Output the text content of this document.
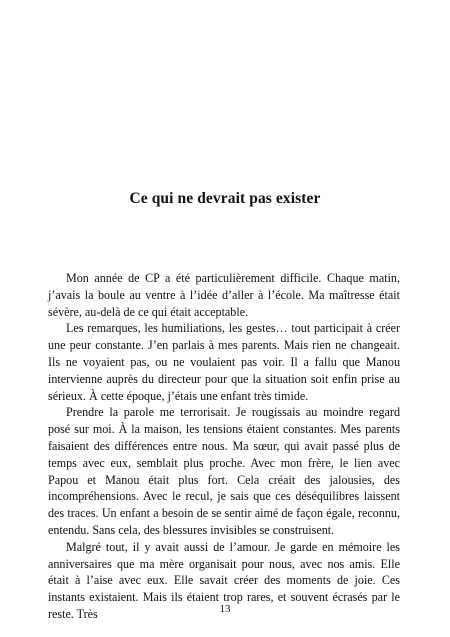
Ce qui ne devrait pas exister

Mon année de CP a été particulièrement difficile. Chaque matin, j’avais la boule au ventre à l’idée d’aller à l’école. Ma maîtresse était sévère, au-delà de ce qui était acceptable.

Les remarques, les humiliations, les gestes… tout participait à créer une peur constante. J’en parlais à mes parents. Mais rien ne changeait. Ils ne voyaient pas, ou ne voulaient pas voir. Il a fallu que Manou intervienne auprès du directeur pour que la situation soit enfin prise au sérieux. À cette époque, j’étais une enfant très timide.

Prendre la parole me terrorisait. Je rougissais au moindre regard posé sur moi. À la maison, les tensions étaient constantes. Mes parents faisaient des différences entre nous. Ma sœur, qui avait passé plus de temps avec eux, semblait plus proche. Avec mon frère, le lien avec Papou et Manou était plus fort. Cela créait des jalousies, des incompréhensions. Avec le recul, je sais que ces déséquilibres laissent des traces. Un enfant a besoin de se sentir aimé de façon égale, reconnu, entendu. Sans cela, des blessures invisibles se construisent.

Malgré tout, il y avait aussi de l’amour. Je garde en mémoire les anniversaires que ma mère organisait pour nous, avec nos amis. Elle était à l’aise avec eux. Elle savait créer des moments de joie. Ces instants existaient. Mais ils étaient trop rares, et souvent écrasés par le reste. Très	13
